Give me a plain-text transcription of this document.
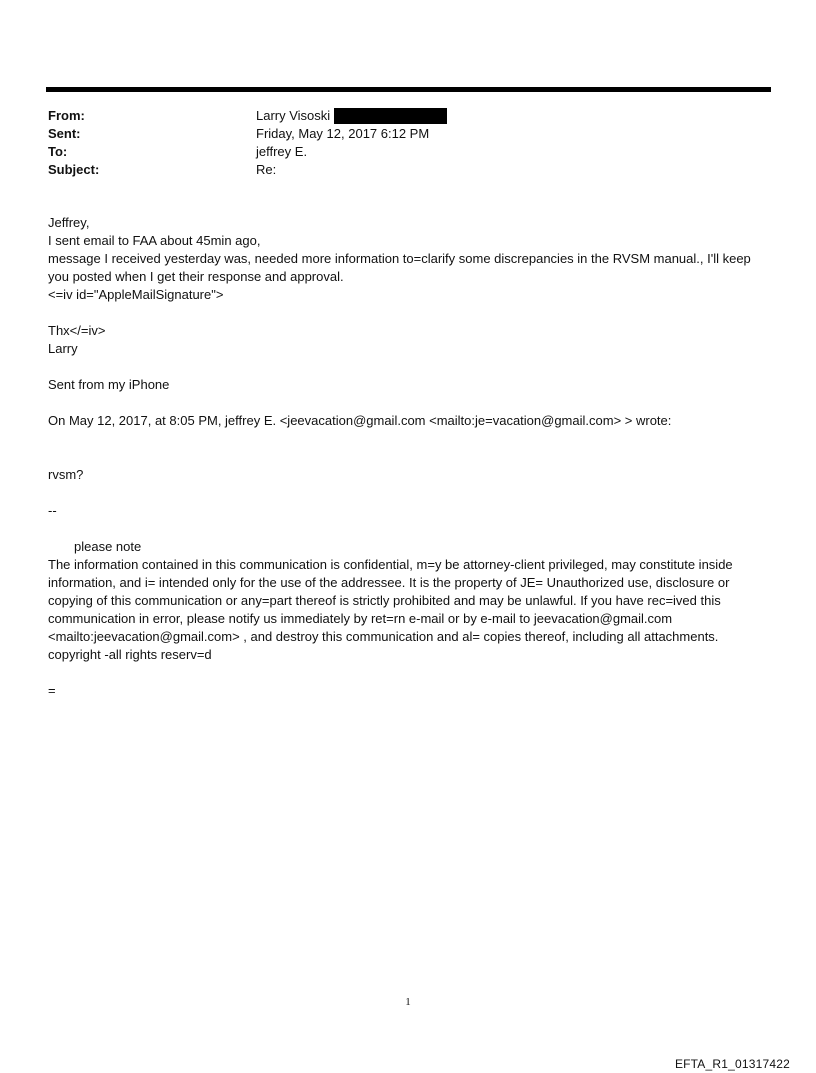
From:	Larry Visoski
Sent:	Friday, May 12, 2017 6:12 PM
To:	jeffrey E.
Subject:	Re:

Jeffrey,

I sent email to FAA about 45min ago,

message I received yesterday was, needed more information to=clarify some discrepancies in the RVSM manual., I'll keep you posted when I get their response and approval.

<=iv id="AppleMailSignature">

Thx</=iv>

Larry

Sent from my iPhone

On May 12, 2017, at 8:05 PM, jeffrey E. <jeevacation@gmail.com <mailto:je=vacation@gmail.com> > wrote:

rvsm?

--

please note

The information contained in this communication is confidential, m=y be attorney-client privileged, may constitute inside information, and i= intended only for the use of the addressee. It is the property of JE= Unauthorized use, disclosure or copying of this communication or any=part thereof is strictly prohibited and may be unlawful. If you have rec=ived this communication in error, please notify us immediately by ret=rn e-mail or by e-mail to jeevacation@gmail.com <mailto:jeevacation@gmail.com> , and destroy this communication and al= copies thereof, including all attachments. copyright -all rights reserv=d

=

1
EFTA_R1_01317422
